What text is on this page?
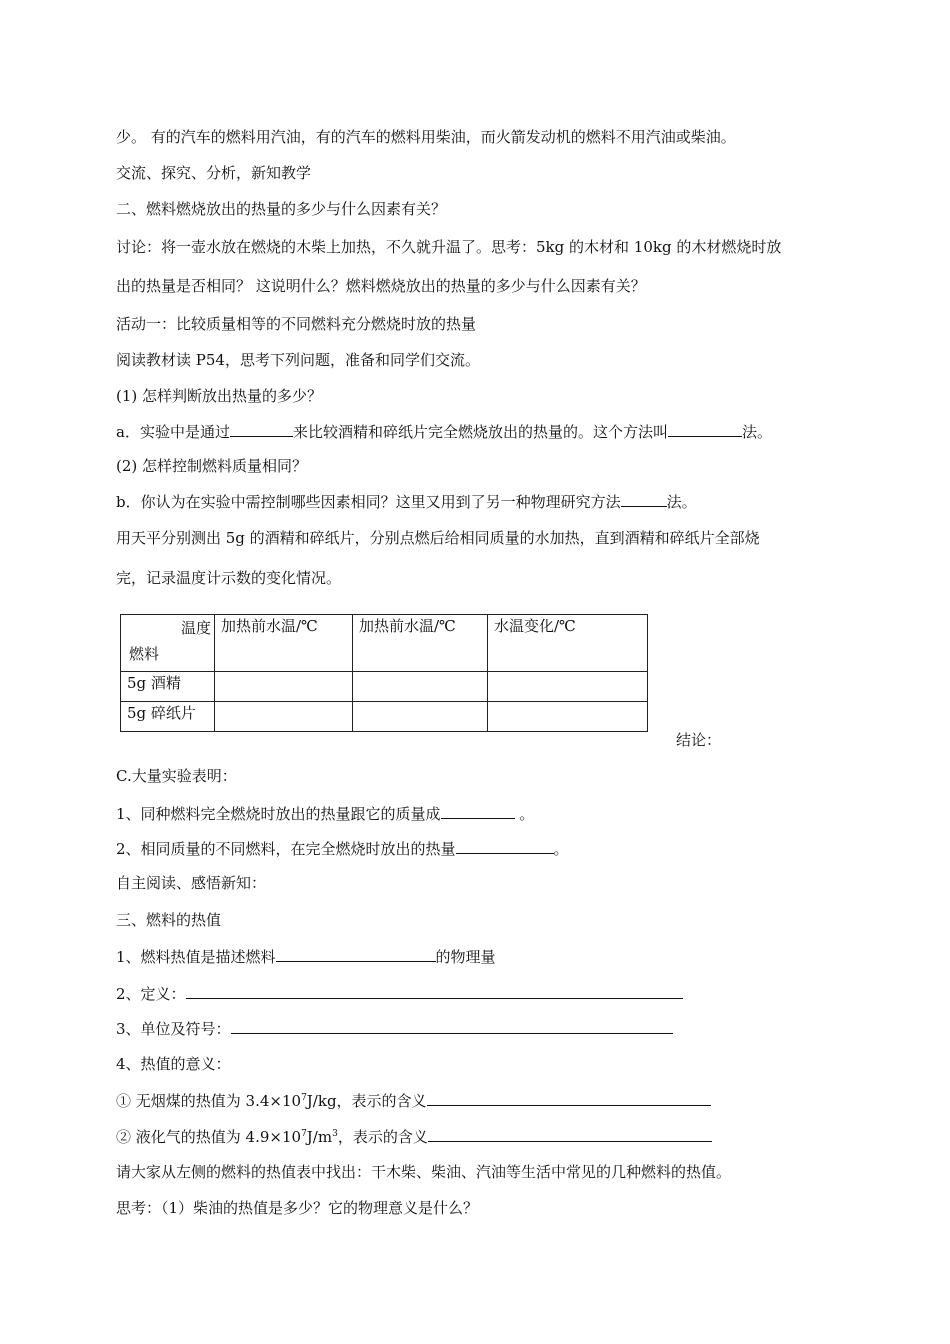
少。 有的汽车的燃料用汽油，有的汽车的燃料用柴油，而火箭发动机的燃料不用汽油或柴油。
交流、探究、分析，新知教学
二、燃料燃烧放出的热量的多少与什么因素有关？
讨论：将一壶水放在燃烧的木柴上加热，不久就升温了。思考：5kg 的木材和 10kg 的木材燃烧时放
出的热量是否相同？ 这说明什么？燃料燃烧放出的热量的多少与什么因素有关？
活动一：比较质量相等的不同燃料充分燃烧时放的热量
阅读教材读 P54，思考下列问题，准备和同学们交流。
(1) 怎样判断放出热量的多少？
a．实验中是通过	来比较酒精和碎纸片完全燃烧放出的热量的。这个方法叫	法。
(2) 怎样控制燃料质量相同？
b．你认为在实验中需控制哪些因素相同？这里又用到了另一种物理研究方法	法。
用天平分别测出 5g 的酒精和碎纸片，分别点燃后给相同质量的水加热，直到酒精和碎纸片全部烧
完，记录温度计示数的变化情况。
温度
燃料	加热前水温/℃	加热前水温/℃	水温变化/℃
5g 酒精			
5g 碎纸片			
结论：
C.大量实验表明：
1、同种燃料完全燃烧时放出的热量跟它的质量成	。
2、相同质量的不同燃料，在完全燃烧时放出的热量	。
自主阅读、感悟新知：
三、燃料的热值
1、燃料热值是描述燃料	的物理量
2、定义：
3、单位及符号：
4、热值的意义：
① 无烟煤的热值为 $3.4\times 10^7J/kg$，表示的含义
② 液化气的热值为 $4.9\times 10^7J/m^3$，表示的含义
请大家从左侧的燃料的热值表中找出：干木柴、柴油、汽油等生活中常见的几种燃料的热值。
思考：（1）柴油的热值是多少？它的物理意义是什么？
